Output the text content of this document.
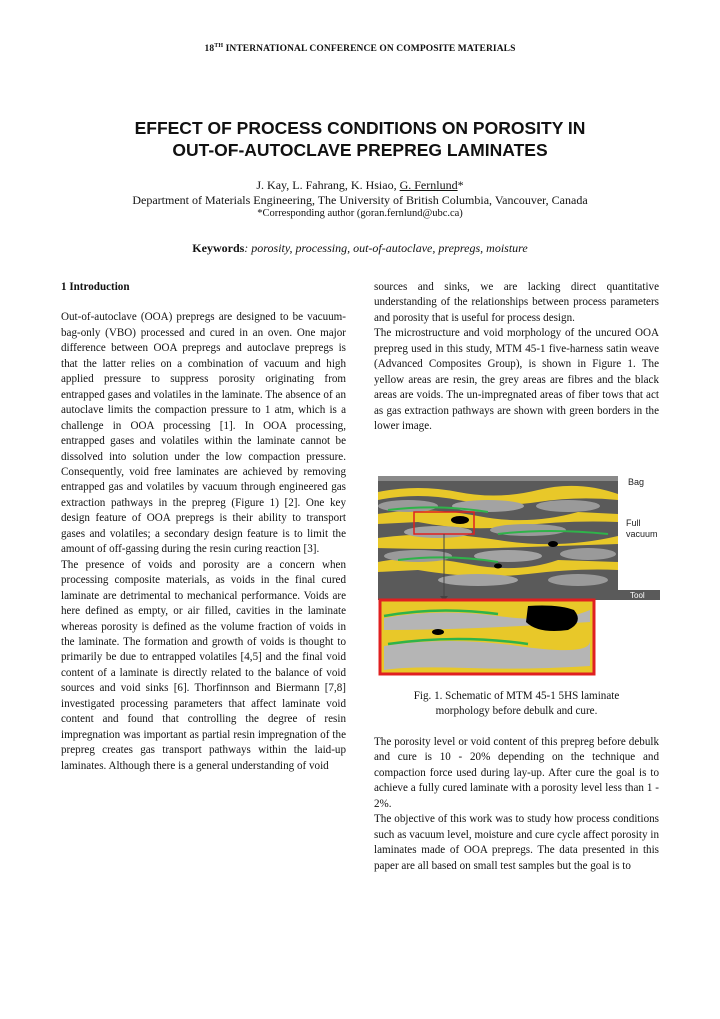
18TH INTERNATIONAL CONFERENCE ON COMPOSITE MATERIALS
EFFECT OF PROCESS CONDITIONS ON POROSITY IN
OUT-OF-AUTOCLAVE PREPREG LAMINATES
J. Kay, L. Fahrang, K. Hsiao, G. Fernlund*
Department of Materials Engineering, The University of British Columbia, Vancouver, Canada
*Corresponding author (goran.fernlund@ubc.ca)
Keywords: porosity, processing, out-of-autoclave, prepregs, moisture

1 Introduction

Out-of-autoclave (OOA) prepregs are designed to be vacuum-bag-only (VBO) processed and cured in an oven. One major difference between OOA prepregs and autoclave prepregs is that the latter relies on a combination of vacuum and high applied pressure to suppress porosity originating from entrapped gases and volatiles in the laminate. The absence of an autoclave limits the compaction pressure to 1 atm, which is a challenge in OOA processing [1]. In OOA processing, entrapped gases and volatiles within the laminate cannot be dissolved into solution under the low compaction pressure. Consequently, void free laminates are achieved by removing entrapped gas and volatiles by vacuum through engineered gas extraction pathways in the prepreg (Figure 1) [2]. One key design feature of OOA prepregs is their ability to transport gases and volatiles; a secondary design feature is to limit the amount of off-gassing during the resin curing reaction [3].

The presence of voids and porosity are a concern when processing composite materials, as voids in the final cured laminate are detrimental to mechanical performance. Voids are here defined as empty, or air filled, cavities in the laminate whereas porosity is defined as the volume fraction of voids in the laminate. The formation and growth of voids is thought to primarily be due to entrapped volatiles [4,5] and the final void content of a laminate is directly related to the balance of void sources and void sinks [6]. Thorfinnson and Biermann [7,8] investigated processing parameters that affect laminate void content and found that controlling the degree of resin impregnation was important as partial resin impregnation of the prepreg creates gas transport pathways within the laid-up laminates. Although there is a general understanding of void

sources and sinks, we are lacking direct quantitative understanding of the relationships between process parameters and porosity that is useful for process design.

The microstructure and void morphology of the uncured OOA prepreg used in this study, MTM 45-1 five-harness satin weave (Advanced Composites Group), is shown in Figure 1. The yellow areas are resin, the grey areas are fibres and the black areas are voids. The un-impregnated areas of fiber tows that act as gas extraction pathways are shown with green borders in the lower image.

Bag
Full
vacuum
Tool
Fig. 1. Schematic of MTM 45-1 5HS laminate
morphology before debulk and cure.

The porosity level or void content of this prepreg before debulk and cure is 10 - 20% depending on the technique and compaction force used during lay-up. After cure the goal is to achieve a fully cured laminate with a porosity level less than 1 - 2%.

The objective of this work was to study how process conditions such as vacuum level, moisture and cure cycle affect porosity in laminates made of OOA prepregs. The data presented in this paper are all based on small test samples but the goal is to
